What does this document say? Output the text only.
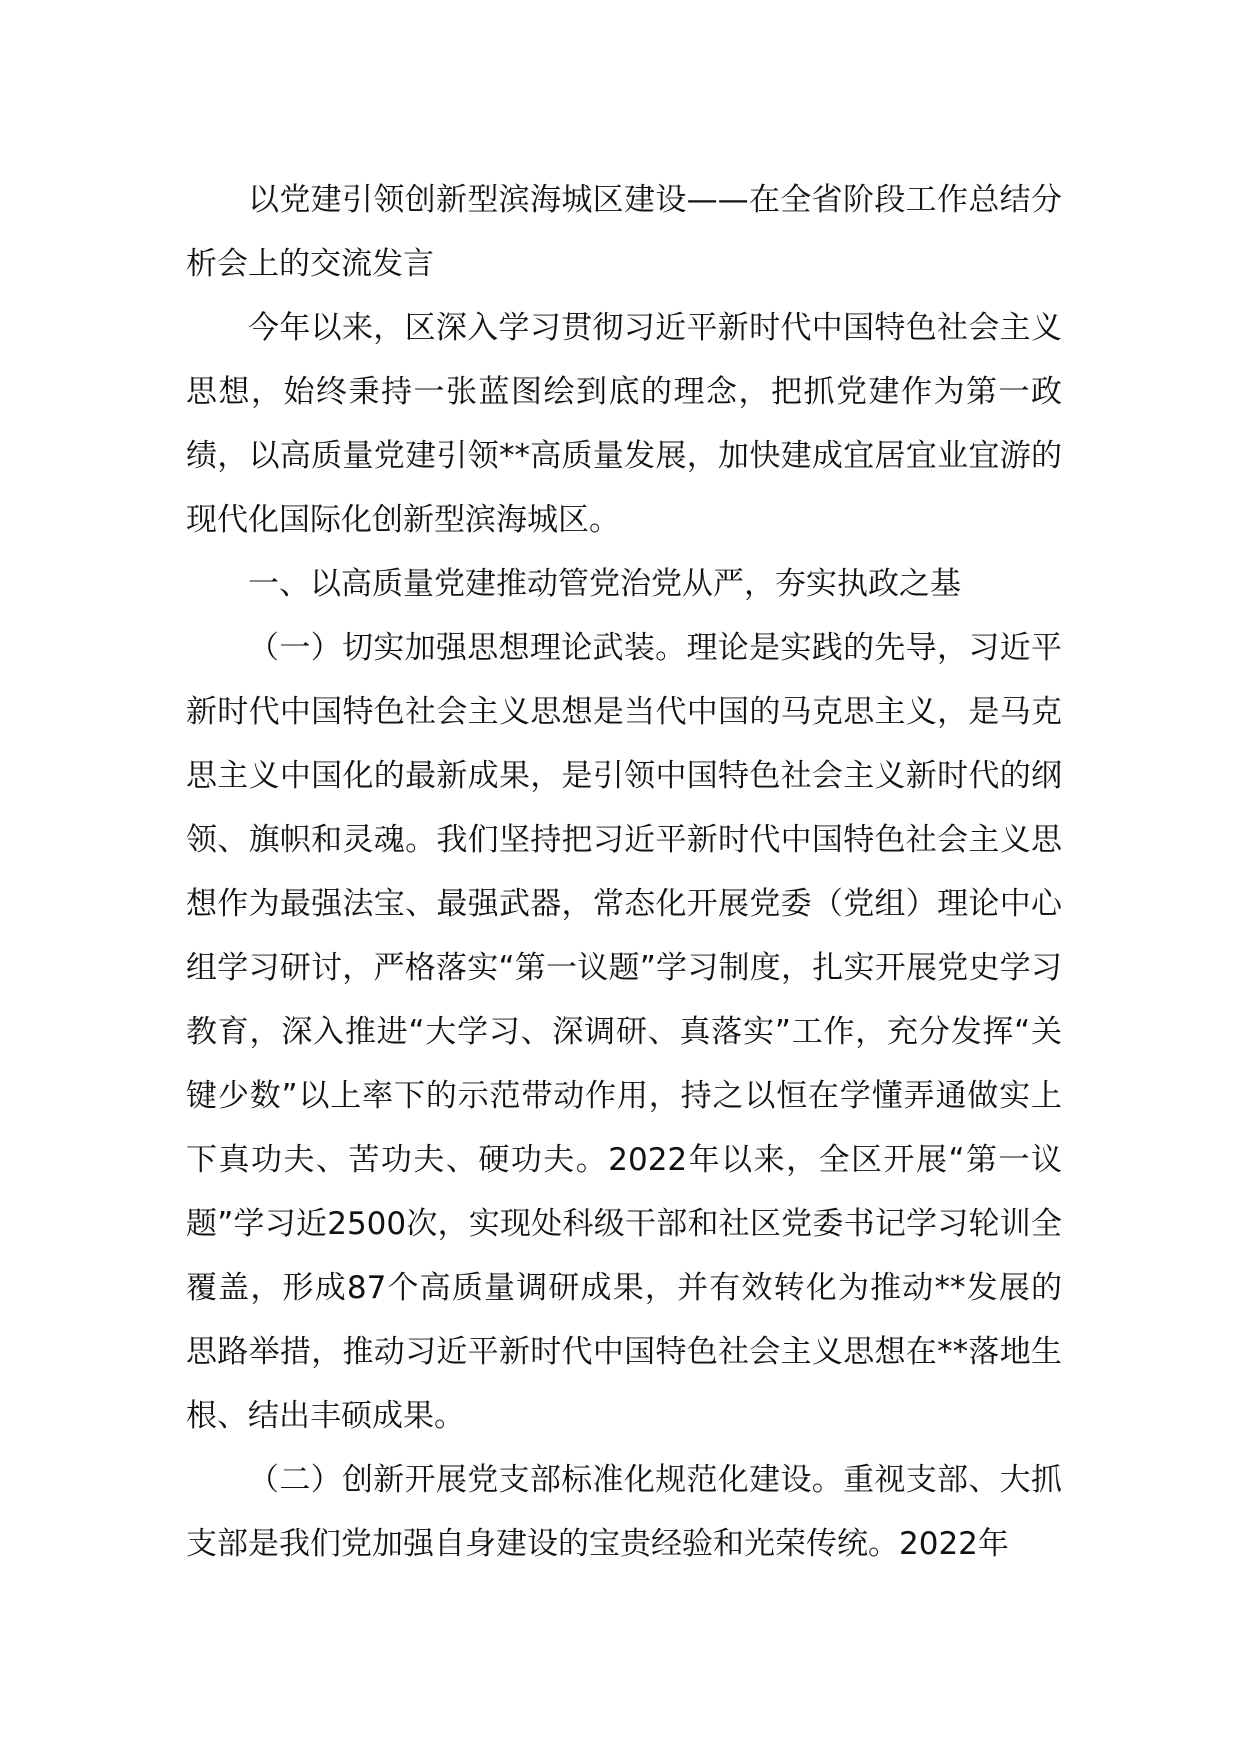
以党建引领创新型滨海城区建设——在全省阶段工作总结分析会上的交流发言

今年以来，区深入学习贯彻习近平新时代中国特色社会主义思想，始终秉持一张蓝图绘到底的理念，把抓党建作为第一政绩，以高质量党建引领**高质量发展，加快建成宜居宜业宜游的现代化国际化创新型滨海城区。

一、以高质量党建推动管党治党从严，夯实执政之基

（一）切实加强思想理论武装。理论是实践的先导，习近平新时代中国特色社会主义思想是当代中国的马克思主义，是马克思主义中国化的最新成果，是引领中国特色社会主义新时代的纲领、旗帜和灵魂。我们坚持把习近平新时代中国特色社会主义思想作为最强法宝、最强武器，常态化开展党委（党组）理论中心组学习研讨，严格落实“第一议题”学习制度，扎实开展党史学习教育，深入推进“大学习、深调研、真落实”工作，充分发挥“关键少数”以上率下的示范带动作用，持之以恒在学懂弄通做实上下真功夫、苦功夫、硬功夫。2022年以来，全区开展“第一议题”学习近2500次，实现处科级干部和社区党委书记学习轮训全覆盖，形成87个高质量调研成果，并有效转化为推动**发展的思路举措，推动习近平新时代中国特色社会主义思想在**落地生根、结出丰硕成果。

（二）创新开展党支部标准化规范化建设。重视支部、大抓支部是我们党加强自身建设的宝贵经验和光荣传统。2022年
